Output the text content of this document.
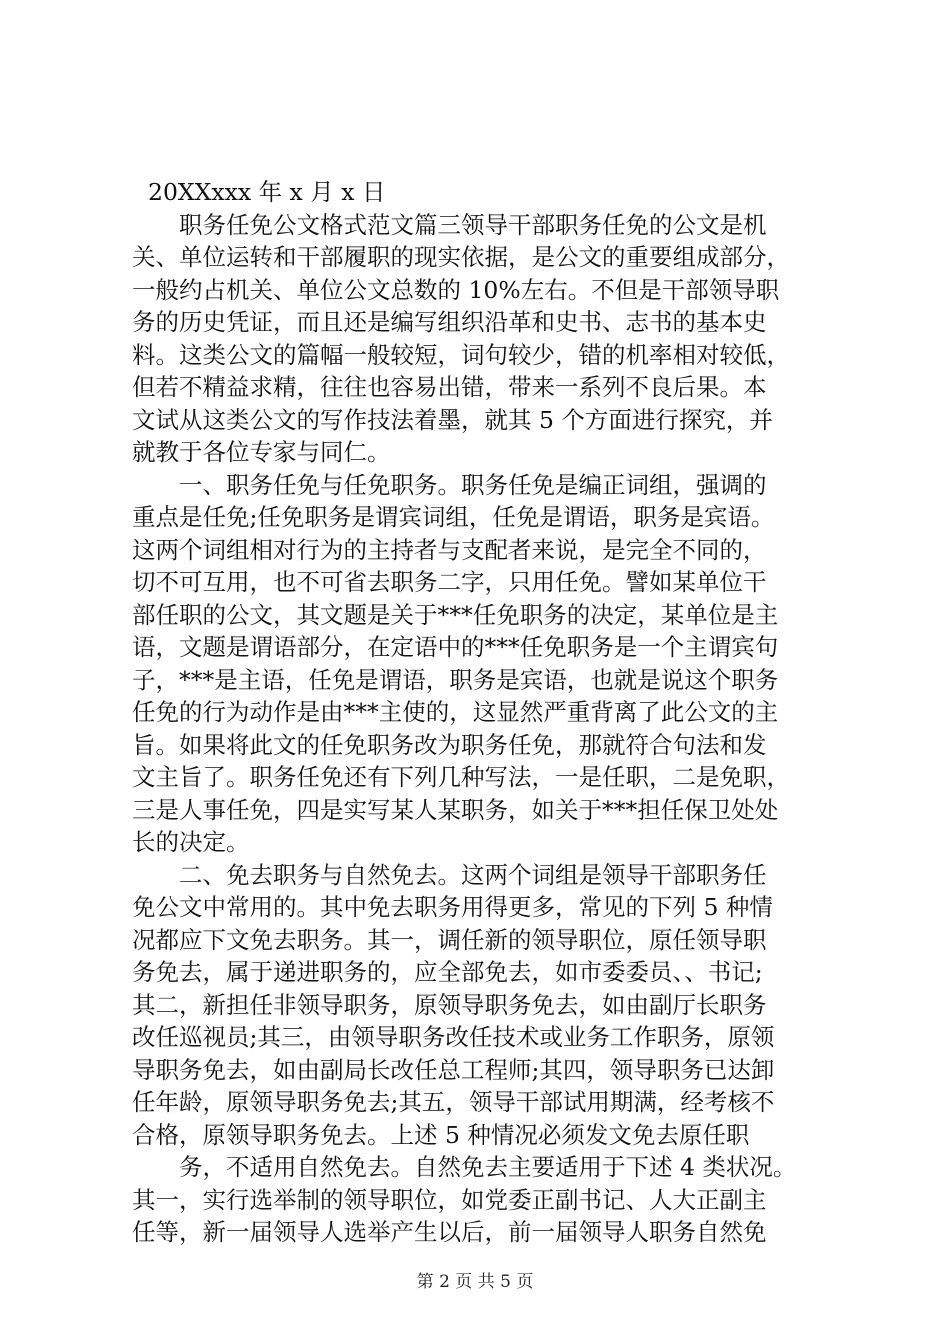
20XXxxx 年 x 月 x 日
职务任免公文格式范文篇三领导干部职务任免的公文是机
关、单位运转和干部履职的现实依据，是公文的重要组成部分，
一般约占机关、单位公文总数的 10%左右。不但是干部领导职
务的历史凭证，而且还是编写组织沿革和史书、志书的基本史
料。这类公文的篇幅一般较短，词句较少，错的机率相对较低，
但若不精益求精，往往也容易出错，带来一系列不良后果。本
文试从这类公文的写作技法着墨，就其 5 个方面进行探究，并
就教于各位专家与同仁。
一、职务任免与任免职务。职务任免是编正词组，强调的
重点是任免;任免职务是谓宾词组，任免是谓语，职务是宾语。
这两个词组相对行为的主持者与支配者来说，是完全不同的，
切不可互用，也不可省去职务二字，只用任免。譬如某单位干
部任职的公文，其文题是关于***任免职务的决定，某单位是主
语，文题是谓语部分，在定语中的***任免职务是一个主谓宾句
子，***是主语，任免是谓语，职务是宾语，也就是说这个职务
任免的行为动作是由***主使的，这显然严重背离了此公文的主
旨。如果将此文的任免职务改为职务任免，那就符合句法和发
文主旨了。职务任免还有下列几种写法，一是任职，二是免职，
三是人事任免，四是实写某人某职务，如关于***担任保卫处处
长的决定。
二、免去职务与自然免去。这两个词组是领导干部职务任
免公文中常用的。其中免去职务用得更多，常见的下列 5 种情
况都应下文免去职务。其一，调任新的领导职位，原任领导职
务免去，属于递进职务的，应全部免去，如市委委员、、书记;
其二，新担任非领导职务，原领导职务免去，如由副厅长职务
改任巡视员;其三，由领导职务改任技术或业务工作职务，原领
导职务免去，如由副局长改任总工程师;其四，领导职务已达卸
任年龄，原领导职务免去;其五，领导干部试用期满，经考核不
合格，原领导职务免去。上述 5 种情况必须发文免去原任职
务，不适用自然免去。自然免去主要适用于下述 4 类状况。
其一，实行选举制的领导职位，如党委正副书记、人大正副主
任等，新一届领导人选举产生以后，前一届领导人职务自然免
第 2 页 共 5 页
